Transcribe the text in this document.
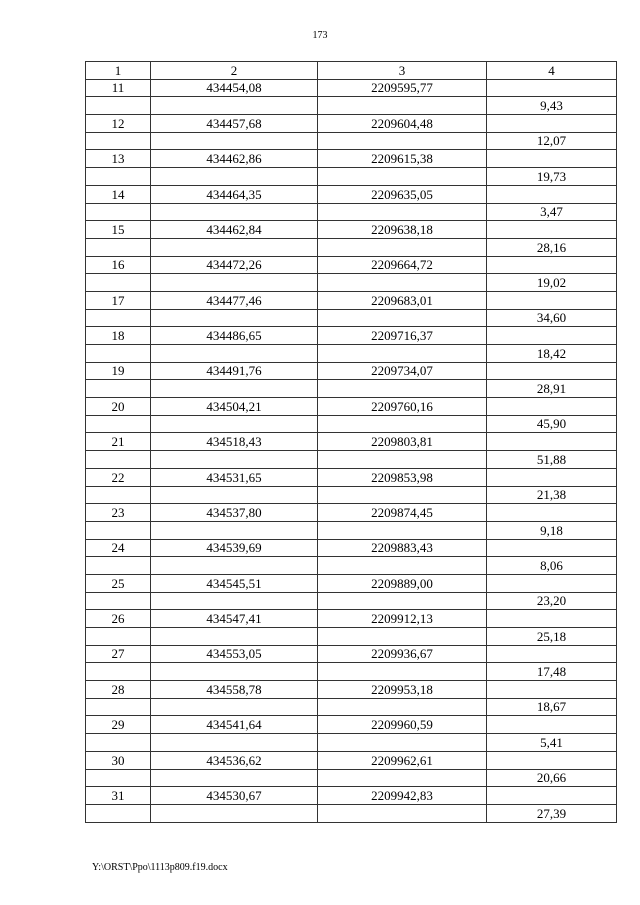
173
1	2	3	4
11	434454,08	2209595,77	
			9,43
12	434457,68	2209604,48	
			12,07
13	434462,86	2209615,38	
			19,73
14	434464,35	2209635,05	
			3,47
15	434462,84	2209638,18	
			28,16
16	434472,26	2209664,72	
			19,02
17	434477,46	2209683,01	
			34,60
18	434486,65	2209716,37	
			18,42
19	434491,76	2209734,07	
			28,91
20	434504,21	2209760,16	
			45,90
21	434518,43	2209803,81	
			51,88
22	434531,65	2209853,98	
			21,38
23	434537,80	2209874,45	
			9,18
24	434539,69	2209883,43	
			8,06
25	434545,51	2209889,00	
			23,20
26	434547,41	2209912,13	
			25,18
27	434553,05	2209936,67	
			17,48
28	434558,78	2209953,18	
			18,67
29	434541,64	2209960,59	
			5,41
30	434536,62	2209962,61	
			20,66
31	434530,67	2209942,83	
			27,39
Y:\ORST\Ppo\1113p809.f19.docx
